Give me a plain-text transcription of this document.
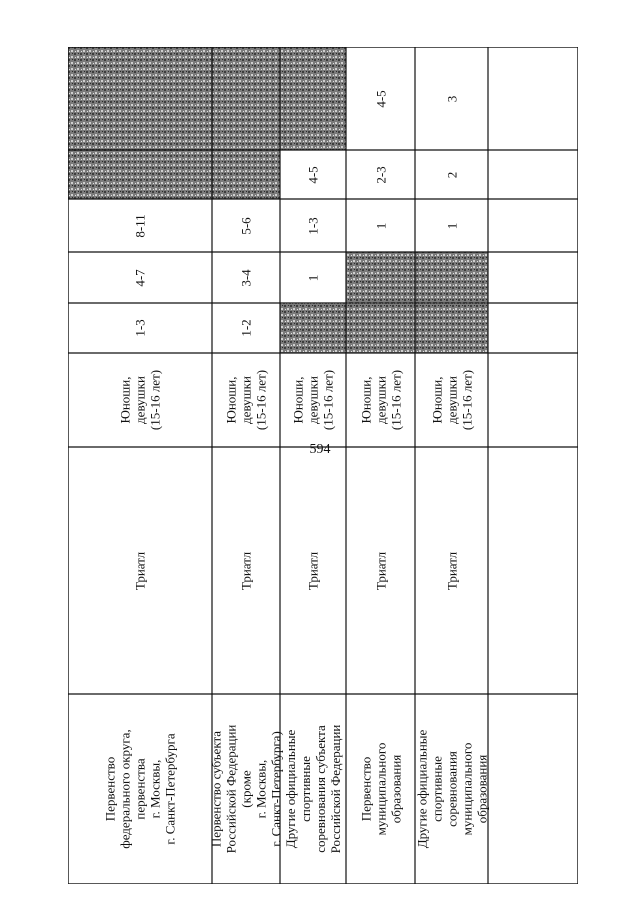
594
Первенство федерального округа, первенства г. Москвы, г. Санкт-Петербурга
Триатл
Юноши, девушки (15-16 лет)
1-3
4-7
8-11
Первенство субъекта Российской Федерации (кроме г. Москвы, г. Санкт-Петербурга)
Триатл
Юноши, девушки (15-16 лет)
1-2
3-4
5-6
Другие официальные спортивные соревнования субъекта Российской Федерации
Триатл
Юноши, девушки (15-16 лет)
1
1-3
4-5
Первенство муниципального образования
Триатл
Юноши, девушки (15-16 лет)
1
2-3
4-5
Другие официальные спортивные соревнования муниципального образования
Триатл
Юноши, девушки (15-16 лет)
1
2
3
